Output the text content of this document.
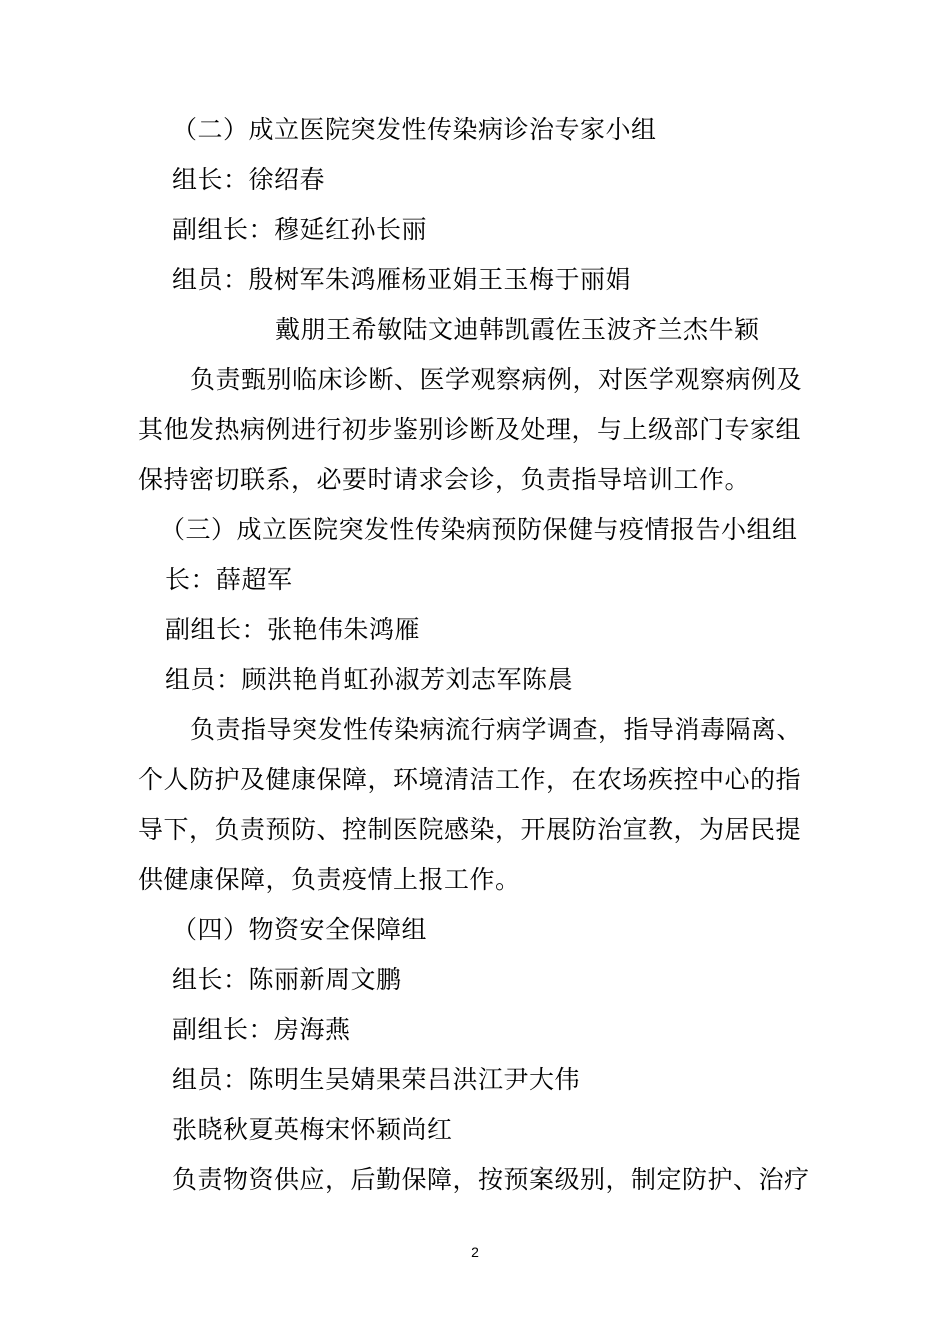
（二）成立医院突发性传染病诊治专家小组
组长：徐绍春
副组长：穆延红孙长丽
组员：殷树军朱鸿雁杨亚娟王玉梅于丽娟
戴朋王希敏陆文迪韩凯霞佐玉波齐兰杰牛颖
负责甄别临床诊断、医学观察病例，对医学观察病例及
其他发热病例进行初步鉴别诊断及处理，与上级部门专家组
保持密切联系，必要时请求会诊，负责指导培训工作。
（三）成立医院突发性传染病预防保健与疫情报告小组组
长：薛超军
副组长：张艳伟朱鸿雁
组员：顾洪艳肖虹孙淑芳刘志军陈晨
负责指导突发性传染病流行病学调查，指导消毒隔离、
个人防护及健康保障，环境清洁工作，在农场疾控中心的指
导下，负责预防、控制医院感染，开展防治宣教，为居民提
供健康保障，负责疫情上报工作。
（四）物资安全保障组
组长：陈丽新周文鹏
副组长：房海燕
组员：陈明生吴婧果荣吕洪江尹大伟
张晓秋夏英梅宋怀颖尚红
负责物资供应，后勤保障，按预案级别，制定防护、治疗
2
